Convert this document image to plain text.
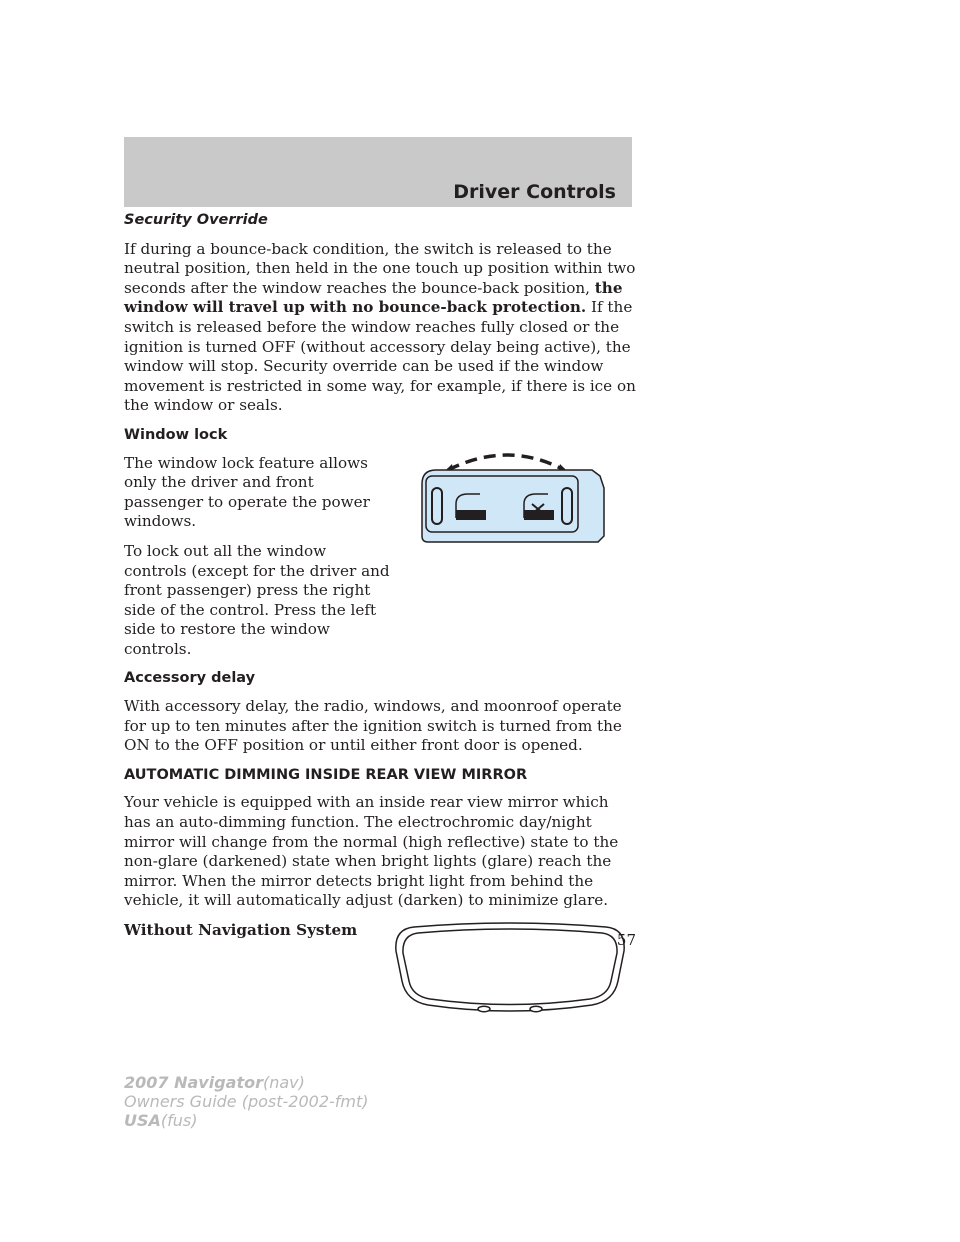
Driver Controls
Security Override

If during a bounce-back condition, the switch is released to the neutral position, then held in the one touch up position within two seconds after the window reaches the bounce-back position, the window will travel up with no bounce-back protection. If the switch is released before the window reaches fully closed or the ignition is turned OFF (without accessory delay being active), the window will stop. Security override can be used if the window movement is restricted in some way, for example, if there is ice on the window or seals.

Window lock

The window lock feature allows only the driver and front passenger to operate the power windows.

To lock out all the window controls (except for the driver and front passenger) press the right side of the control. Press the left side to restore the window controls.

Accessory delay

With accessory delay, the radio, windows, and moonroof operate for up to ten minutes after the ignition switch is turned from the ON to the OFF position or until either front door is opened.

AUTOMATIC DIMMING INSIDE REAR VIEW MIRROR

Your vehicle is equipped with an inside rear view mirror which has an auto-dimming function. The electrochromic day/night mirror will change from the normal (high reflective) state to the non-glare (darkened) state when bright lights (glare) reach the mirror. When the mirror detects bright light from behind the vehicle, it will automatically adjust (darken) to minimize glare.

Without Navigation System
57
2007 Navigator(nav)
Owners Guide (post-2002-fmt)
USA(fus)
